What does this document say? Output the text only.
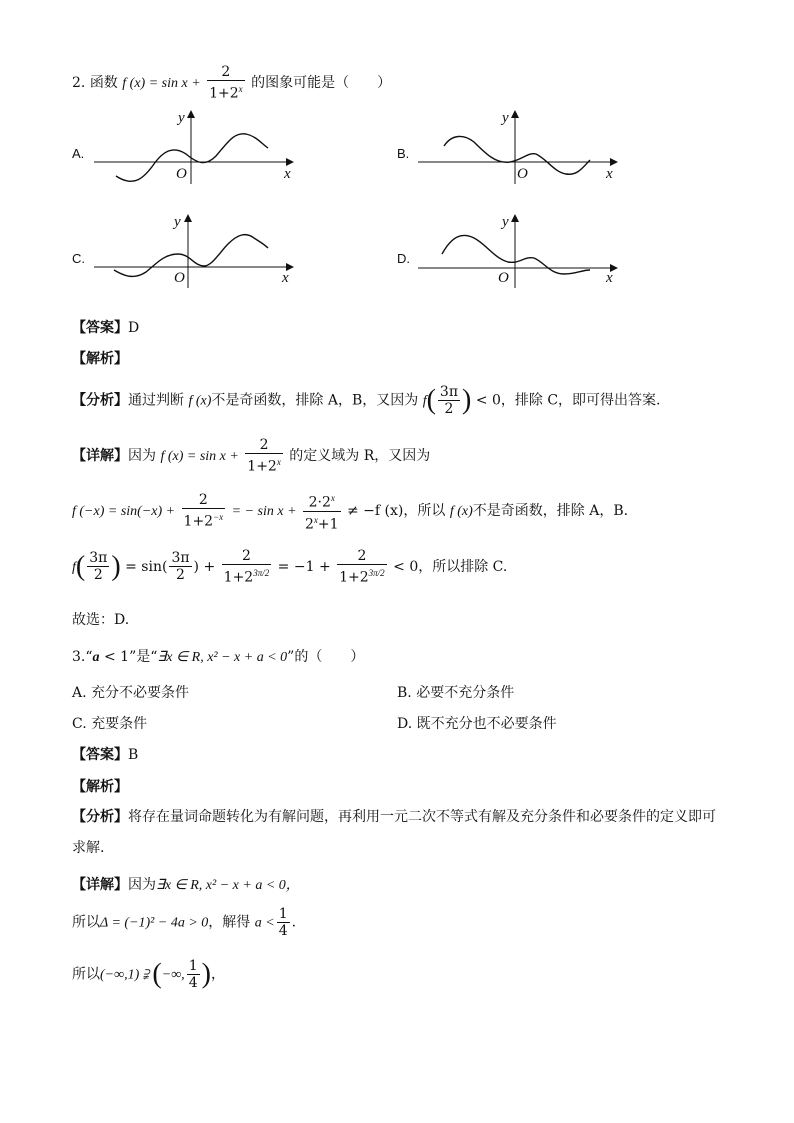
2. 函数 f $(x) = \sin x + \frac{2}{1+2^x}$ 的图象可能是（　　）
A.
y
O	x
B.
y
O	x
C.
y
O	x
D.
y
O	x
【答案】D
【解析】
【分析】通过判断 f (x)不是奇函数，排除 A，B，又因为 $f( \frac{3\pi}{2}$ ) < 0，排除 C，即可得出答案.
【详解】因为 f $(x) = \sin x + \frac{2}{1+2^x}$ 的定义域为 R，又因为
f $(-x) = \sin(-x) + \frac{2}{1+2^{-x}}$ = − $\sin x + \frac{2\cdot 2^x}{2^x+1} \ne -f$ (x)，所以 f (x)不是奇函数，排除 A，B.
$f( \frac{3\pi}{2}$ ) = $\sin( \frac{3\pi}{2}$ ) + $\frac{2}{1+2^{3\pi/2}} = -1 + \frac{2}{1+2^{3\pi/2}} < 0$，所以排除 C.
故选：D.
3.“a < 1”是“∃x ∈ R, x² − x + a < 0”的（　　）
A. 充分不必要条件	B. 必要不充分条件
C. 充要条件	D. 既不充分也不必要条件
【答案】B
【解析】
【分析】将存在量词命题转化为有解问题，再利用一元二次不等式有解及充分条件和必要条件的定义即可
求解.
【详解】因为∃x ∈ R, x² − x + a < 0，
所以Δ = (−1)² − 4a > 0，解得 $a < \frac{1}{4}$ .
所以(−∞,1) ⫌ (−∞, $\frac{1}{4}$ )，
